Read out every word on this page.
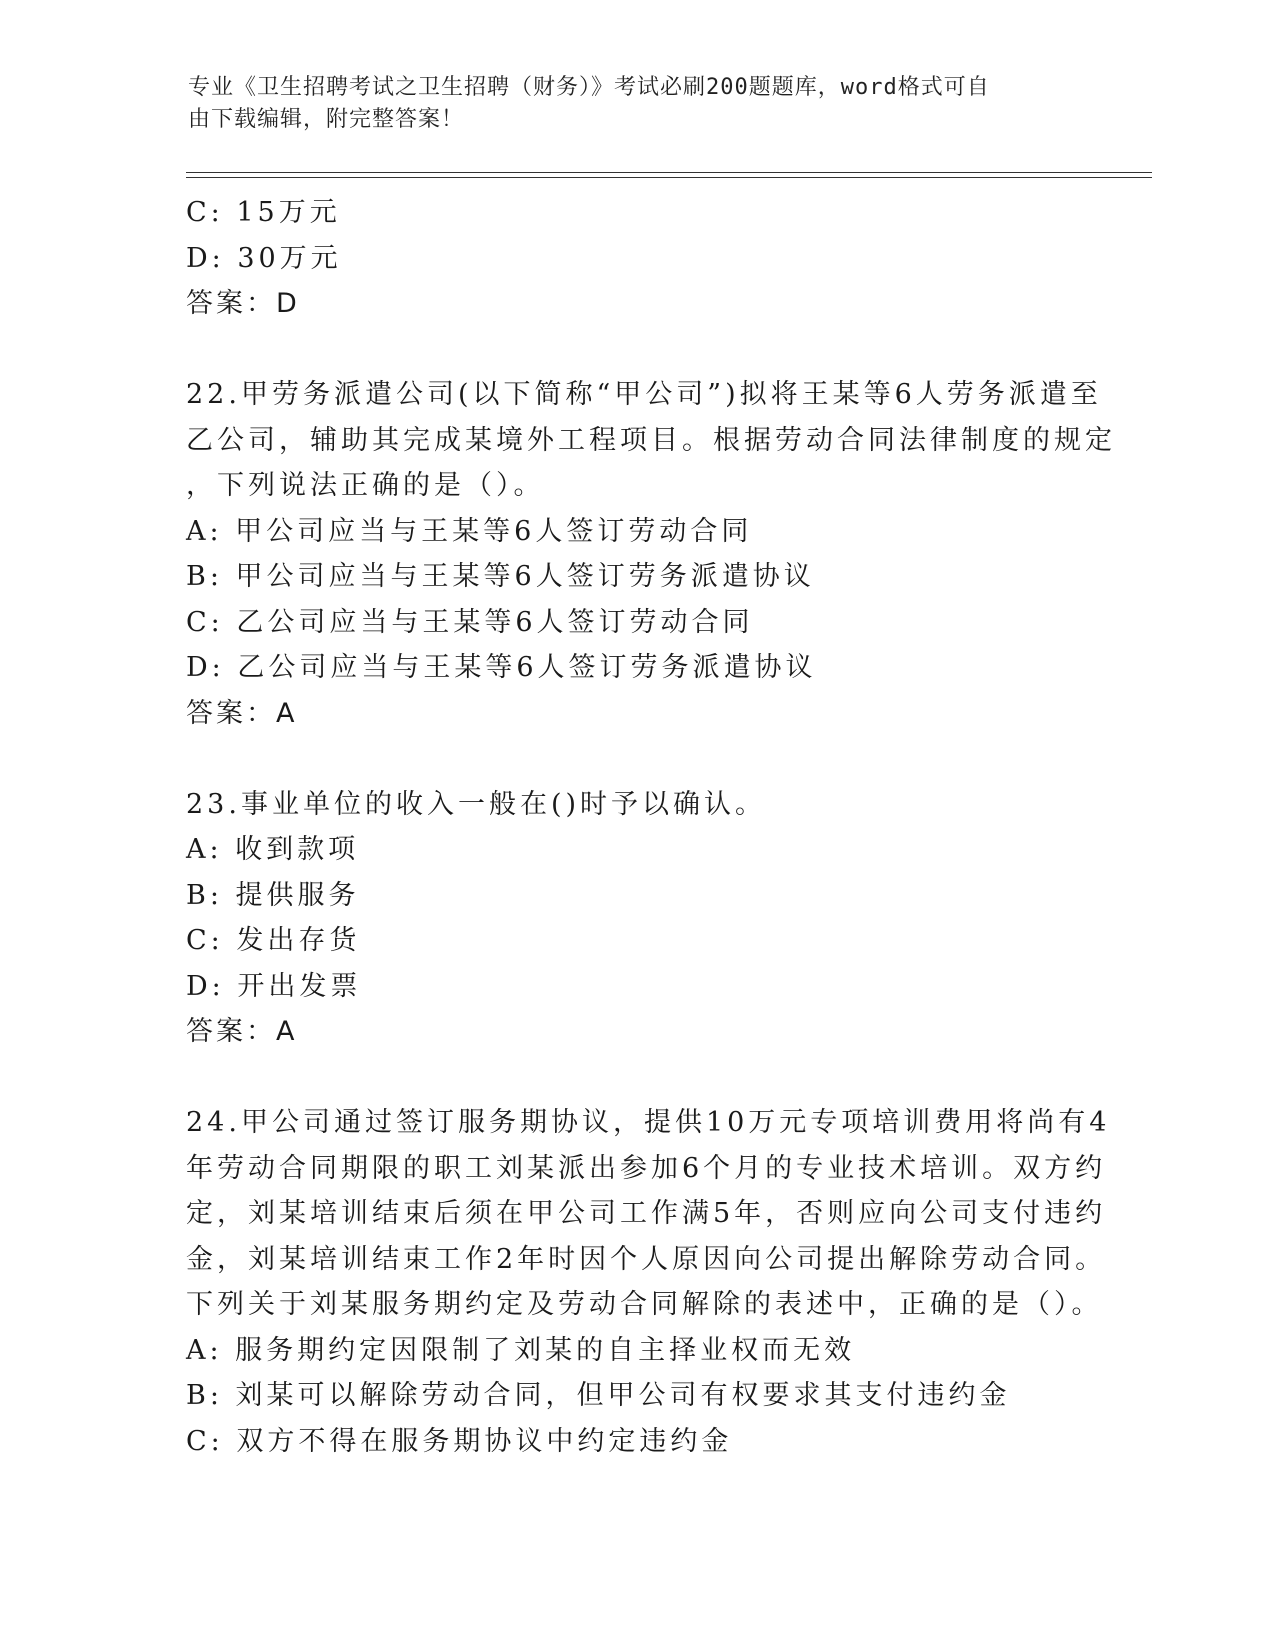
专业《卫生招聘考试之卫生招聘（财务）》考试必刷200题题库，word格式可自
由下载编辑，附完整答案！
C: 15万元
D: 30万元
答案：D
22.甲劳务派遣公司(以下简称“甲公司”)拟将王某等6人劳务派遣至
乙公司，辅助其完成某境外工程项目。根据劳动合同法律制度的规定
，下列说法正确的是（）。
A: 甲公司应当与王某等6人签订劳动合同
B: 甲公司应当与王某等6人签订劳务派遣协议
C: 乙公司应当与王某等6人签订劳动合同
D: 乙公司应当与王某等6人签订劳务派遣协议
答案：A
23.事业单位的收入一般在()时予以确认。
A: 收到款项
B: 提供服务
C: 发出存货
D: 开出发票
答案：A
24.甲公司通过签订服务期协议，提供10万元专项培训费用将尚有4
年劳动合同期限的职工刘某派出参加6个月的专业技术培训。双方约
定，刘某培训结束后须在甲公司工作满5年，否则应向公司支付违约
金，刘某培训结束工作2年时因个人原因向公司提出解除劳动合同。
下列关于刘某服务期约定及劳动合同解除的表述中，正确的是（）。
A: 服务期约定因限制了刘某的自主择业权而无效
B: 刘某可以解除劳动合同，但甲公司有权要求其支付违约金
C: 双方不得在服务期协议中约定违约金
